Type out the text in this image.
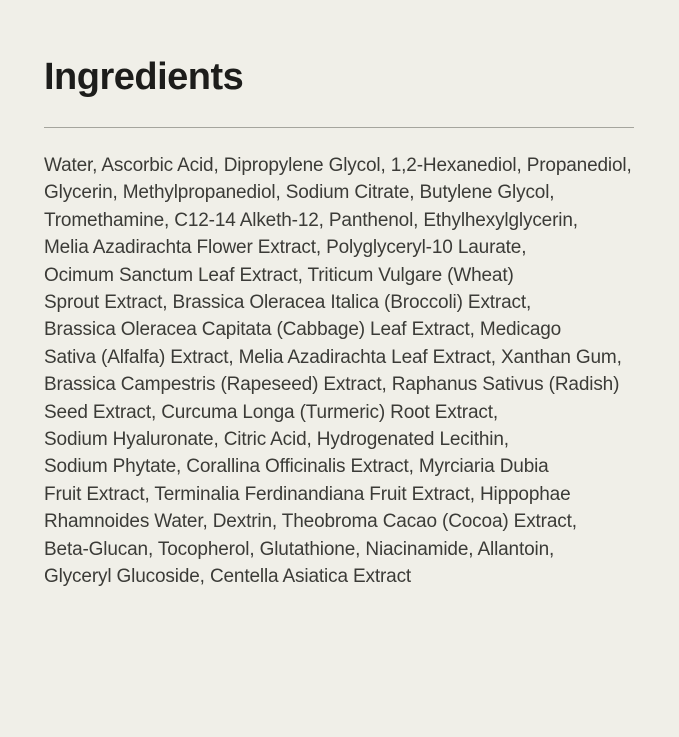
Ingredients
Water, Ascorbic Acid, Dipropylene Glycol, 1,2-Hexanediol, Propanediol,
Glycerin, Methylpropanediol, Sodium Citrate, Butylene Glycol,
Tromethamine, C12-14 Alketh-12, Panthenol, Ethylhexylglycerin,
Melia Azadirachta Flower Extract, Polyglyceryl-10 Laurate,
Ocimum Sanctum Leaf Extract, Triticum Vulgare (Wheat)
Sprout Extract, Brassica Oleracea Italica (Broccoli) Extract,
Brassica Oleracea Capitata (Cabbage) Leaf Extract, Medicago
Sativa (Alfalfa) Extract, Melia Azadirachta Leaf Extract, Xanthan Gum,
Brassica Campestris (Rapeseed) Extract, Raphanus Sativus (Radish)
Seed Extract, Curcuma Longa (Turmeric) Root Extract,
Sodium Hyaluronate, Citric Acid, Hydrogenated Lecithin,
Sodium Phytate, Corallina Officinalis Extract, Myrciaria Dubia
Fruit Extract, Terminalia Ferdinandiana Fruit Extract, Hippophae
Rhamnoides Water, Dextrin, Theobroma Cacao (Cocoa) Extract,
Beta-Glucan, Tocopherol, Glutathione, Niacinamide, Allantoin,
Glyceryl Glucoside, Centella Asiatica Extract
